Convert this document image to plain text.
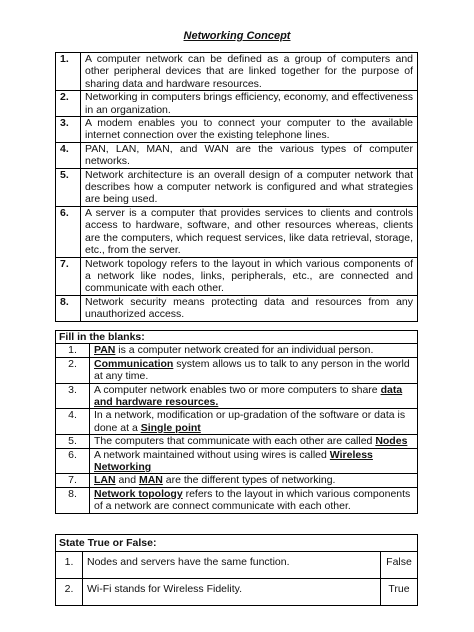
Networking Concept
1.	A computer network can be defined as a group of computers and other peripheral devices that are linked together for the purpose of sharing data and hardware resources.
2.	Networking in computers brings efficiency, economy, and effectiveness in an organization.
3.	A modem enables you to connect your computer to the available internet connection over the existing telephone lines.
4.	PAN, LAN, MAN, and WAN are the various types of computer networks.
5.	Network architecture is an overall design of a computer network that describes how a computer network is configured and what strategies are being used.
6.	A server is a computer that provides services to clients and controls access to hardware, software, and other resources whereas, clients are the computers, which request services, like data retrieval, storage, etc., from the server.
7.	Network topology refers to the layout in which various components of a network like nodes, links, peripherals, etc., are connected and communicate with each other.
8.	Network security means protecting data and resources from any unauthorized access.
Fill in the blanks:	
1.	PAN is a computer network created for an individual person.
2.	Communication system allows us to talk to any person in the world at any time.
3.	A computer network enables two or more computers to share data and hardware resources.
4.	In a network, modification or up-gradation of the software or data is done at a Single point
5.	The computers that communicate with each other are called Nodes
6.	A network maintained without using wires is called Wireless Networking
7.	LAN and MAN are the different types of networking.
8.	Network topology refers to the layout in which various components of a network are connect communicate with each other.
State True or False:		
1.	Nodes and servers have the same function.	False
2.	Wi-Fi stands for Wireless Fidelity.	True
